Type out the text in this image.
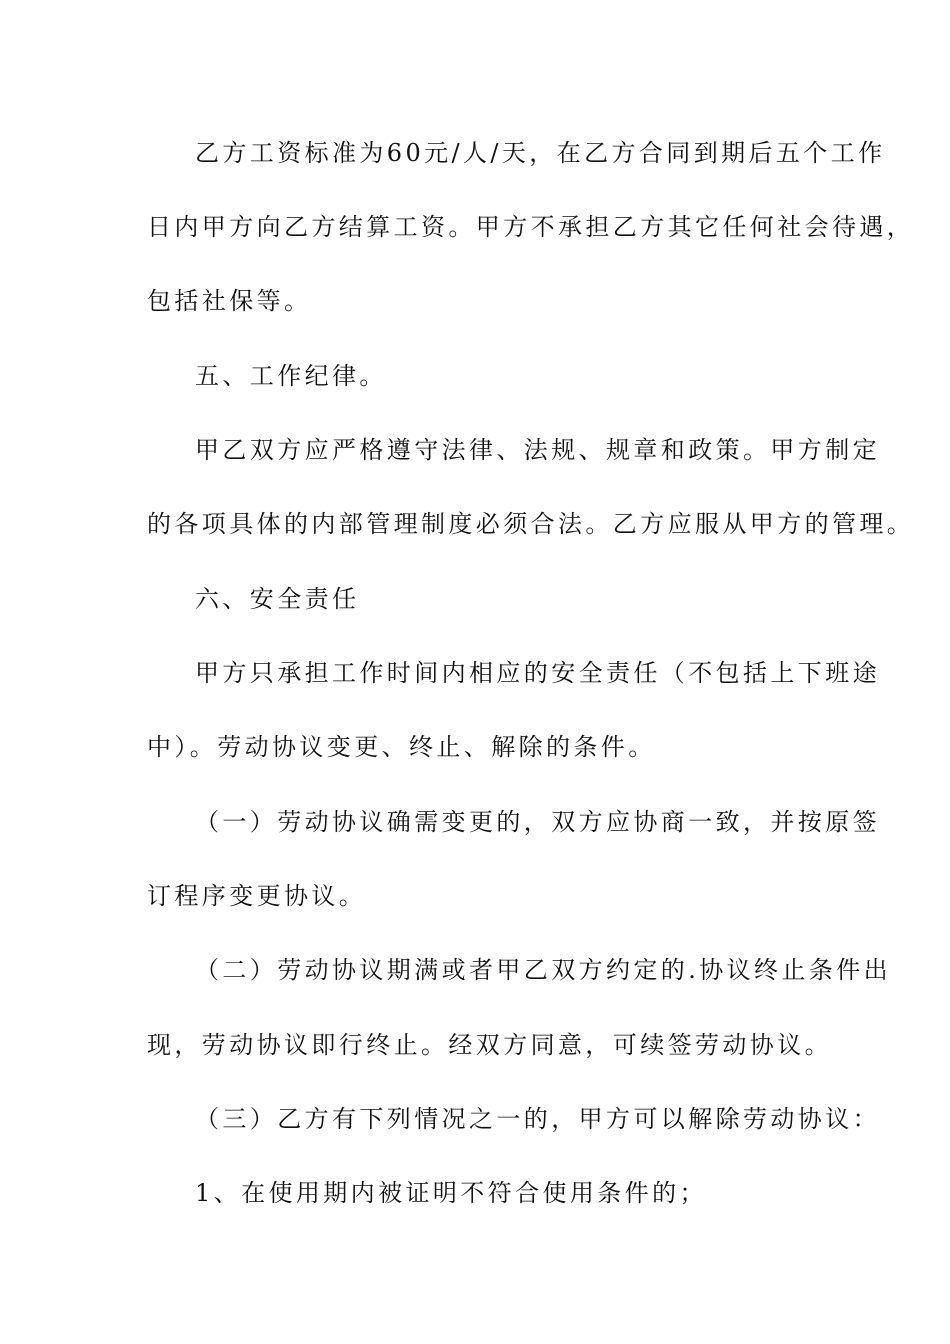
乙方工资标准为60元/人/天，在乙方合同到期后五个工作
日内甲方向乙方结算工资。甲方不承担乙方其它任何社会待遇，
包括社保等。
五、工作纪律。
甲乙双方应严格遵守法律、法规、规章和政策。甲方制定
的各项具体的内部管理制度必须合法。乙方应服从甲方的管理。
六、安全责任
甲方只承担工作时间内相应的安全责任（不包括上下班途
中）。劳动协议变更、终止、解除的条件。
（一）劳动协议确需变更的，双方应协商一致，并按原签
订程序变更协议。
（二）劳动协议期满或者甲乙双方约定的.协议终止条件出
现，劳动协议即行终止。经双方同意，可续签劳动协议。
（三）乙方有下列情况之一的，甲方可以解除劳动协议：
1、在使用期内被证明不符合使用条件的；
